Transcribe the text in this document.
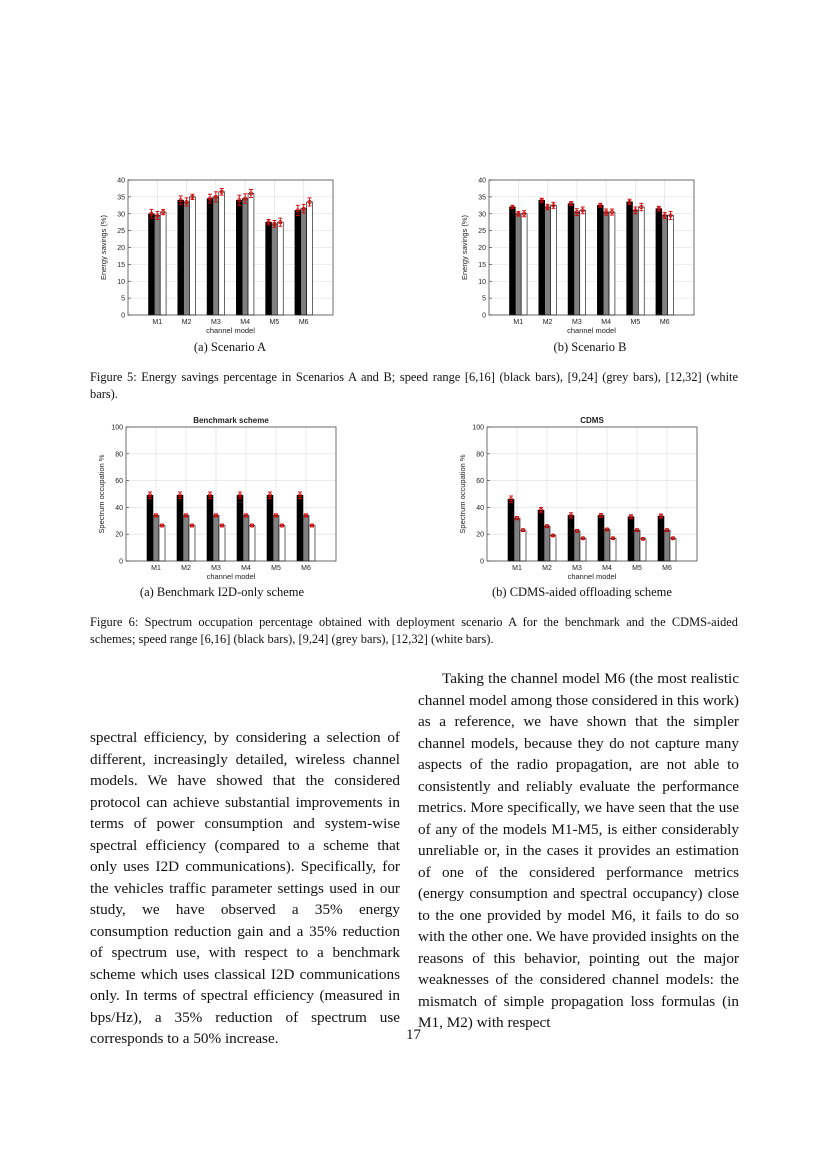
0
5
10
15
20
25
30
35
40
M1	M2	M3	M4	M5	M6
channel model
Energy savings (%)
0
5
10
15
20
25
30
35
40
M1	M2	M3	M4	M5	M6
channel model
Energy savings (%)
(a) Scenario A	(b) Scenario B
Figure 5: Energy savings percentage in Scenarios A and B; speed range [6,16] (black bars), [9,24] (grey bars), [12,32] (white bars).
0
20
40
60
80
100
M1	M2	M3	M4	M5	M6
channel model
Spectrum occupation %
Benchmark scheme
0
20
40
60
80
100
M1	M2	M3	M4	M5	M6
channel model
Spectrum occupation %
CDMS
(a) Benchmark I2D-only scheme	(b) CDMS-aided offloading scheme
Figure 6: Spectrum occupation percentage obtained with deployment scenario A for the benchmark and the CDMS-aided schemes; speed range [6,16] (black bars), [9,24] (grey bars), [12,32] (white bars).

spectral efficiency, by considering a selection of different, increasingly detailed, wireless channel models. We have showed that the considered protocol can achieve substantial improvements in terms of power consumption and system-wise spectral efficiency (compared to a scheme that only uses I2D communications). Specifically, for the vehicles traffic parameter settings used in our study, we have observed a 35% energy consumption reduction gain and a 35% reduction of spectrum use, with respect to a benchmark scheme which uses classical I2D communications only. In terms of spectral efficiency (measured in bps/Hz), a 35% reduction of spectrum use corresponds to a 50% increase.

Taking the channel model M6 (the most realistic channel model among those considered in this work) as a reference, we have shown that the simpler channel models, because they do not capture many aspects of the radio propagation, are not able to consistently and reliably evaluate the performance metrics. More specifically, we have seen that the use of any of the models M1-M5, is either considerably unreliable or, in the cases it provides an estimation of one of the considered performance metrics (energy consumption and spectral occupancy) close to the one provided by model M6, it fails to do so with the other one. We have provided insights on the reasons of this behavior, pointing out the major weaknesses of the considered channel models: the mismatch of simple propagation loss formulas (in M1, M2) with respect

17
